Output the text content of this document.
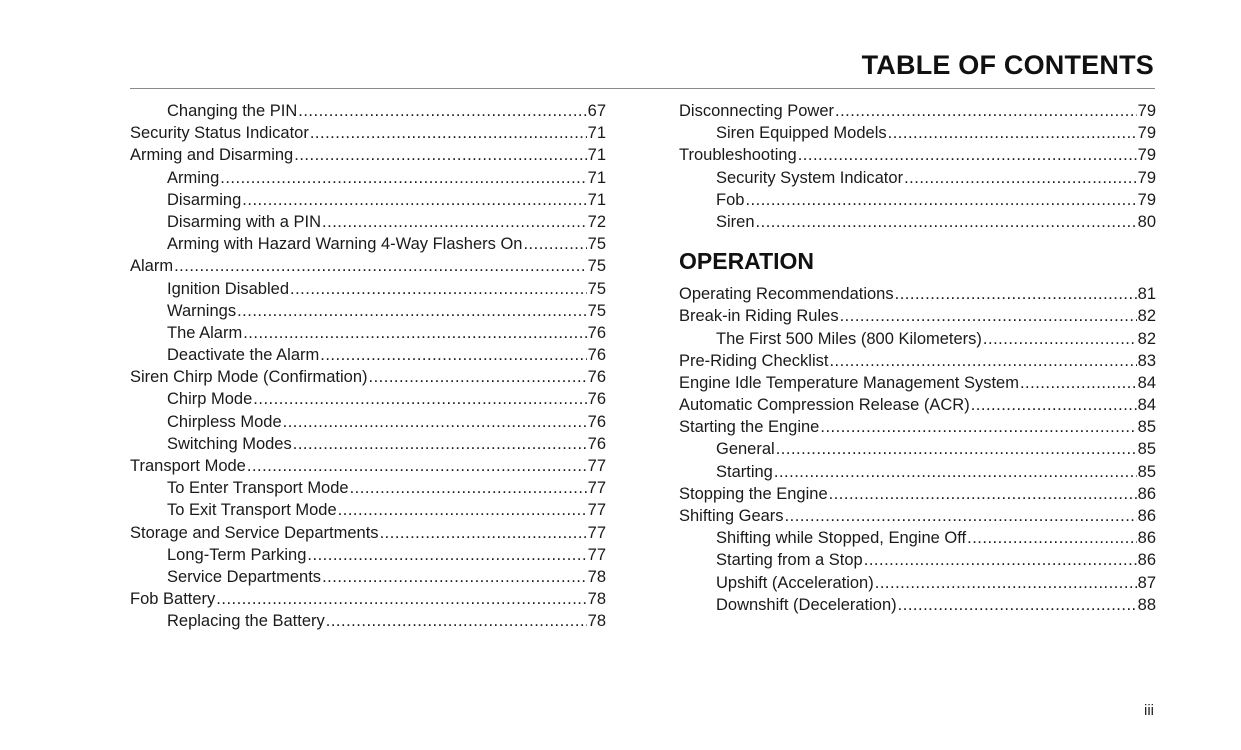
TABLE OF CONTENTS
Changing the PIN .....	67
Security Status Indicator .....	71
Arming and Disarming .....	71
Arming .....	71
Disarming .....	71
Disarming with a PIN .....	72
Arming with Hazard Warning 4-Way Flashers On .....	75
Alarm .....	75
Ignition Disabled .....	75
Warnings .....	75
The Alarm .....	76
Deactivate the Alarm .....	76
Siren Chirp Mode (Confirmation) .....	76
Chirp Mode .....	76
Chirpless Mode .....	76
Switching Modes .....	76
Transport Mode .....	77
To Enter Transport Mode .....	77
To Exit Transport Mode .....	77
Storage and Service Departments .....	77
Long-Term Parking .....	77
Service Departments .....	78
Fob Battery .....	78
Replacing the Battery .....	78
Disconnecting Power .....	79
Siren Equipped Models .....	79
Troubleshooting .....	79
Security System Indicator .....	79
Fob .....	79
Siren .....	80
OPERATION
Operating Recommendations .....	81
Break-in Riding Rules .....	82
The First 500 Miles (800 Kilometers) .....	82
Pre-Riding Checklist .....	83
Engine Idle Temperature Management System .....	84
Automatic Compression Release (ACR) .....	84
Starting the Engine .....	85
General .....	85
Starting .....	85
Stopping the Engine .....	86
Shifting Gears .....	86
Shifting while Stopped, Engine Off .....	86
Starting from a Stop .....	86
Upshift (Acceleration) .....	87
Downshift (Deceleration) .....	88
iii
